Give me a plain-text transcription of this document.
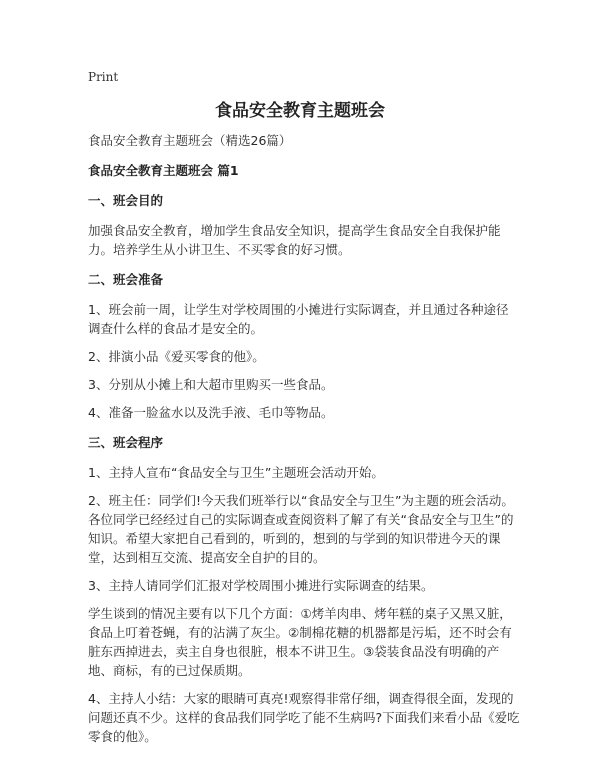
Print
食品安全教育主题班会

食品安全教育主题班会（精选26篇）

食品安全教育主题班会 篇1

一、班会目的

加强食品安全教育，增加学生食品安全知识，提高学生食品安全自我保护能力。培养学生从小讲卫生、不买零食的好习惯。

二、班会准备

1、班会前一周，让学生对学校周围的小摊进行实际调查，并且通过各种途径调查什么样的食品才是安全的。

2、排演小品《爱买零食的他》。

3、分别从小摊上和大超市里购买一些食品。

4、准备一脸盆水以及洗手液、毛巾等物品。

三、班会程序

1、主持人宣布“食品安全与卫生”主题班会活动开始。

2、班主任：同学们!今天我们班举行以“食品安全与卫生”为主题的班会活动。各位同学已经经过自己的实际调查或查阅资料了解了有关“食品安全与卫生”的知识。希望大家把自己看到的，听到的，想到的与学到的知识带进今天的课堂，达到相互交流、提高安全自护的目的。

3、主持人请同学们汇报对学校周围小摊进行实际调查的结果。

学生谈到的情况主要有以下几个方面：①烤羊肉串、烤年糕的桌子又黑又脏，食品上叮着苍蝇，有的沾满了灰尘。②制棉花糖的机器都是污垢，还不时会有脏东西掉进去，卖主自身也很脏，根本不讲卫生。③袋装食品没有明确的产地、商标，有的已过保质期。

4、主持人小结：大家的眼睛可真亮!观察得非常仔细，调查得很全面，发现的问题还真不少。这样的食品我们同学吃了能不生病吗?下面我们来看小品《爱吃零食的他》。
